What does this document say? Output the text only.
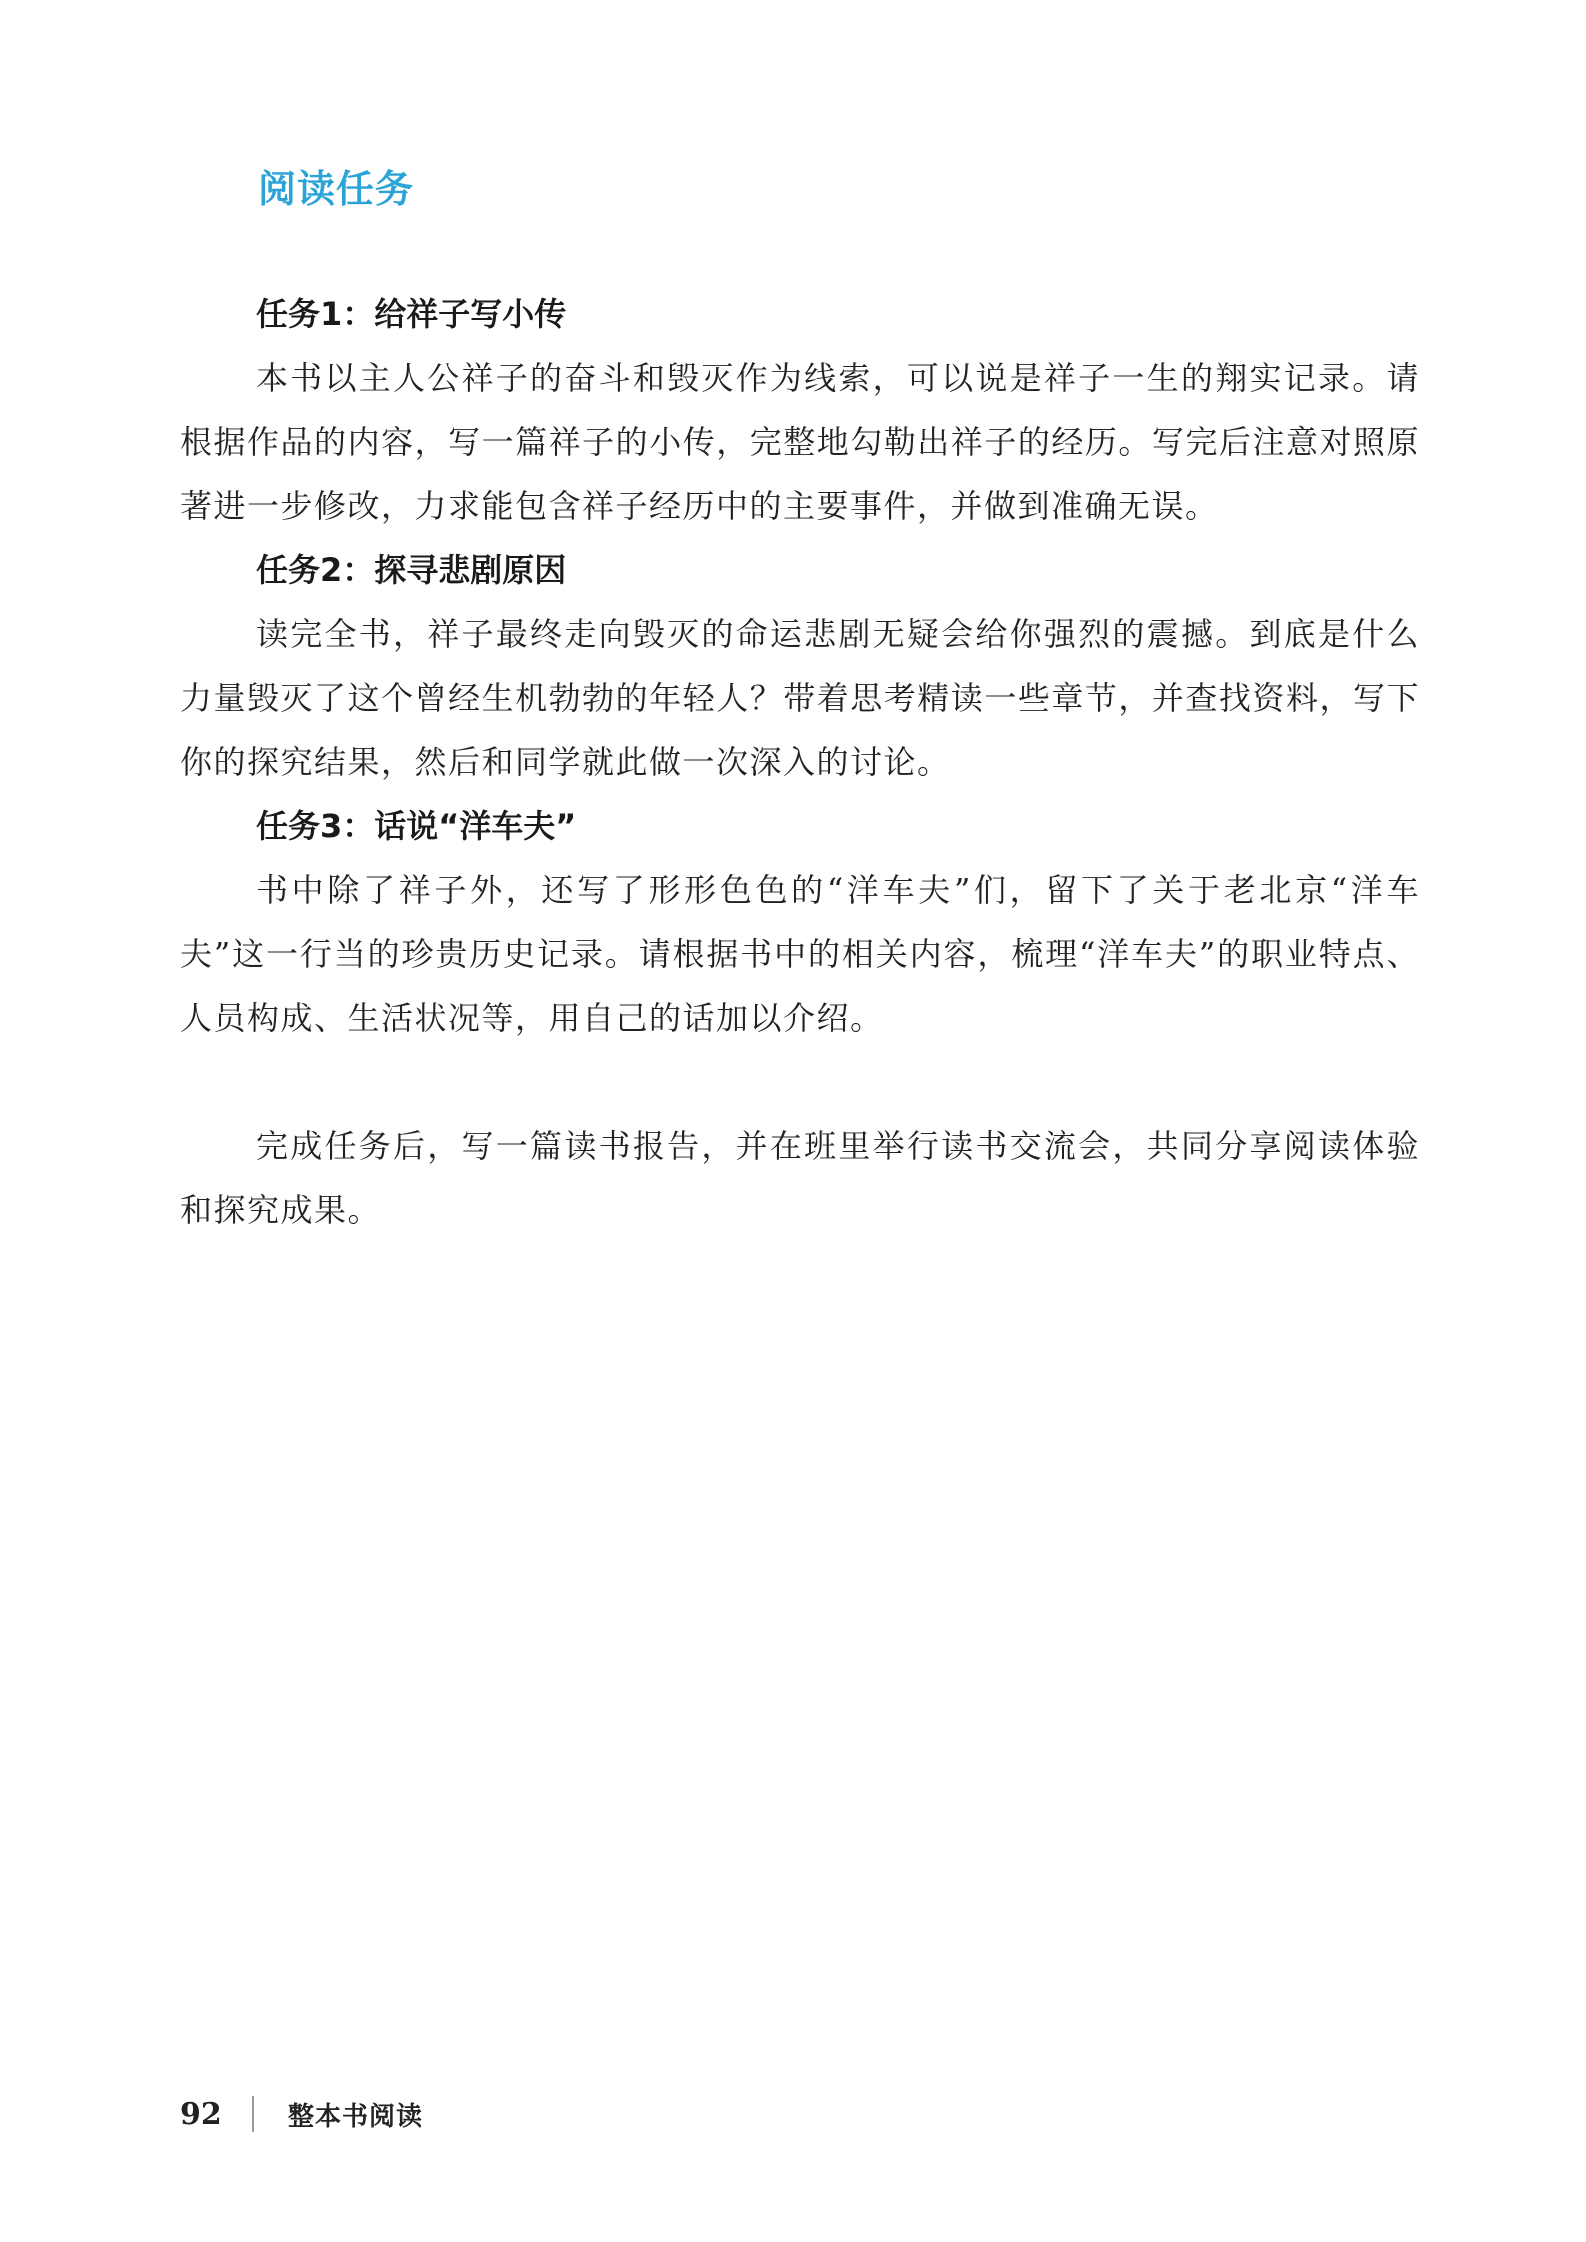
阅读任务
任务1：给祥子写小传

本书以主人公祥子的奋斗和毁灭作为线索，可以说是祥子一生的翔实记录。请根据作品的内容，写一篇祥子的小传，完整地勾勒出祥子的经历。写完后注意对照原著进一步修改，力求能包含祥子经历中的主要事件，并做到准确无误。

任务2：探寻悲剧原因

读完全书，祥子最终走向毁灭的命运悲剧无疑会给你强烈的震撼。到底是什么力量毁灭了这个曾经生机勃勃的年轻人？带着思考精读一些章节，并查找资料，写下你的探究结果，然后和同学就此做一次深入的讨论。

任务3：话说“洋车夫”

书中除了祥子外，还写了形形色色的“洋车夫”们，留下了关于老北京“洋车夫”这一行当的珍贵历史记录。请根据书中的相关内容，梳理“洋车夫”的职业特点、人员构成、生活状况等，用自己的话加以介绍。

完成任务后，写一篇读书报告，并在班里举行读书交流会，共同分享阅读体验和探究成果。

92	整本书阅读
